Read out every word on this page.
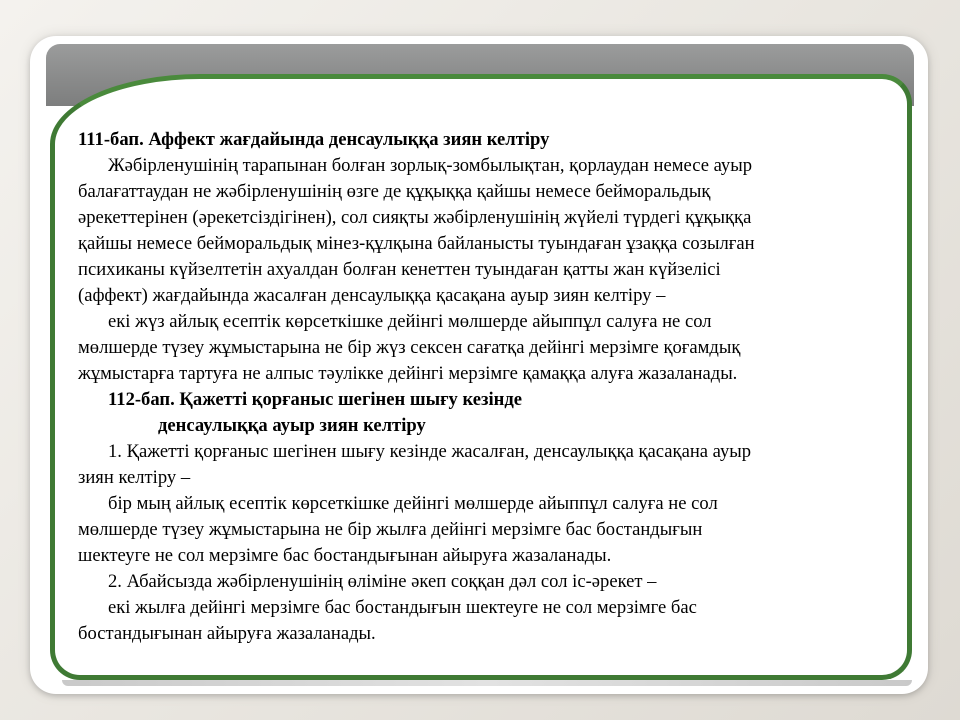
111-бап. Аффект жағдайында денсаулыққа зиян келтіру
Жәбірленушінің тарапынан болған зорлық-зомбылықтан, қорлаудан немесе ауыр
балағаттаудан не жәбірленушінің өзге де құқыққа қайшы немесе бейморальдық
әрекеттерінен (әрекетсіздігінен), сол сияқты жәбірленушінің жүйелі түрдегі құқыққа
қайшы немесе бейморальдық мінез-құлқына байланысты туындаған ұзаққа созылған
психиканы күйзелтетін ахуалдан болған кенеттен туындаған қатты жан күйзелісі
(аффект) жағдайында жасалған денсаулыққа қасақана ауыр зиян келтіру –
екі жүз айлық есептік көрсеткішке дейінгі мөлшерде айыппұл салуға не сол
мөлшерде түзеу жұмыстарына не бір жүз сексен сағатқа дейінгі мерзімге қоғамдық
жұмыстарға тартуға не алпыс тәулікке дейінгі мерзімге қамаққа алуға жазаланады.
112-бап. Қажетті қорғаныс шегінен шығу кезінде
денсаулыққа ауыр зиян келтіру
1. Қажетті қорғаныс шегінен шығу кезінде жасалған, денсаулыққа қасақана ауыр
зиян келтіру –
бір мың айлық есептік көрсеткішке дейінгі мөлшерде айыппұл салуға не сол
мөлшерде түзеу жұмыстарына не бір жылға дейінгі мерзімге бас бостандығын
шектеуге не сол мерзімге бас бостандығынан айыруға жазаланады.
2. Абайсызда жәбірленушінің өліміне әкеп соққан дәл сол іс-әрекет –
екі жылға дейінгі мерзімге бас бостандығын шектеуге не сол мерзімге бас
бостандығынан айыруға жазаланады.
